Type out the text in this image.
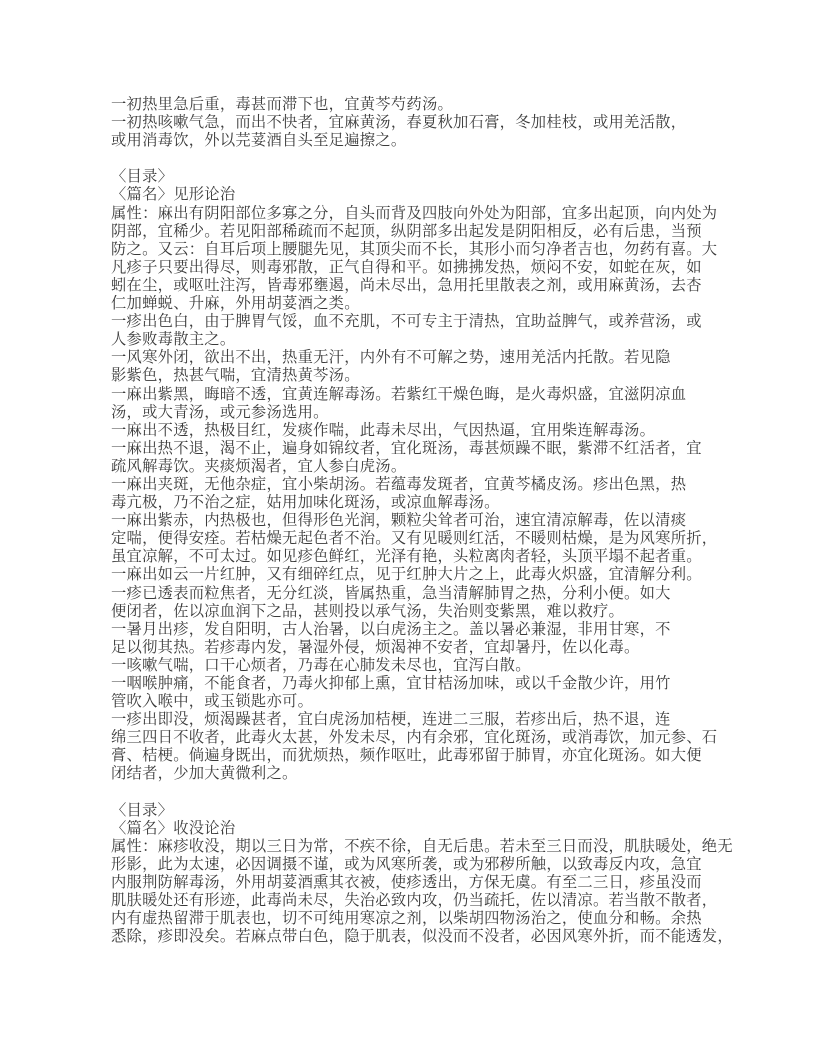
一初热里急后重，毒甚而滞下也，宜黄芩芍药汤。
一初热咳嗽气急，而出不快者，宜麻黄汤，春夏秋加石膏，冬加桂枝，或用羌活散，
或用消毒饮，外以芫荽酒自头至足遍擦之。

〈目录〉
〈篇名〉见形论治
属性：麻出有阴阳部位多寡之分，自头而背及四肢向外处为阳部，宜多出起顶，向内处为
阴部，宜稀少。若见阳部稀疏而不起顶，纵阴部多出起发是阴阳相反，必有后患，当预
防之。又云：自耳后项上腰腿先见，其顶尖而不长，其形小而匀净者吉也，勿药有喜。大
凡疹子只要出得尽，则毒邪散，正气自得和平。如拂拂发热，烦闷不安，如蛇在灰，如
蚓在尘，或呕吐注泻，皆毒邪壅遏，尚未尽出，急用托里散表之剂，或用麻黄汤，去杏
仁加蝉蜕、升麻，外用胡荽酒之类。
一疹出色白，由于脾胃气馁，血不充肌，不可专主于清热，宜助益脾气，或养营汤，或
人参败毒散主之。
一风寒外闭，欲出不出，热重无汗，内外有不可解之势，速用羌活内托散。若见隐
影紫色，热甚气喘，宜清热黄芩汤。
一麻出紫黑，晦暗不透，宜黄连解毒汤。若紫红干燥色晦，是火毒炽盛，宜滋阴凉血
汤，或大青汤，或元参汤选用。
一麻出不透，热极目红，发痰作喘，此毒未尽出，气因热逼，宜用柴连解毒汤。
一麻出热不退，渴不止，遍身如锦纹者，宜化斑汤，毒甚烦躁不眠，紫滞不红活者，宜
疏风解毒饮。夹痰烦渴者，宜人参白虎汤。
一麻出夹斑，无他杂症，宜小柴胡汤。若蕴毒发斑者，宜黄芩橘皮汤。疹出色黑，热
毒亢极，乃不治之症，姑用加味化斑汤，或凉血解毒汤。
一麻出紫赤，内热极也，但得形色光润，颗粒尖耸者可治，速宜清凉解毒，佐以清痰
定喘，便得安痊。若枯燥无起色者不治。又有见暖则红活，不暖则枯燥，是为风寒所折，
虽宜凉解，不可太过。如见疹色鲜红，光泽有艳，头粒离肉者轻，头顶平塌不起者重。
一麻出如云一片红肿，又有细碎红点，见于红肿大片之上，此毒火炽盛，宜清解分利。
一疹已透表而粒焦者，无分红淡，皆属热重，急当清解肺胃之热，分利小便。如大
便闭者，佐以凉血润下之品，甚则投以承气汤，失治则变紫黑，难以救疗。
一暑月出疹，发自阳明，古人治暑，以白虎汤主之。盖以暑必兼湿，非用甘寒，不
足以彻其热。若疹毒内发，暑湿外侵，烦渴神不安者，宜却暑丹，佐以化毒。
一咳嗽气喘，口干心烦者，乃毒在心肺发未尽也，宜泻白散。
一咽喉肿痛，不能食者，乃毒火抑郁上熏，宜甘桔汤加味，或以千金散少许，用竹
管吹入喉中，或玉锁匙亦可。
一疹出即没，烦渴躁甚者，宜白虎汤加桔梗，连进二三服，若疹出后，热不退，连
绵三四日不收者，此毒火太甚，外发未尽，内有余邪，宜化斑汤，或消毒饮，加元参、石
膏、桔梗。倘遍身既出，而犹烦热，频作呕吐，此毒邪留于肺胃，亦宜化斑汤。如大便
闭结者，少加大黄微利之。

〈目录〉
〈篇名〉收没论治
属性：麻疹收没，期以三日为常，不疾不徐，自无后患。若未至三日而没，肌肤暖处，绝无
形影，此为太速，必因调摄不谨，或为风寒所袭，或为邪秽所触，以致毒反内攻，急宜
内服荆防解毒汤，外用胡荽酒熏其衣被，使疹透出，方保无虞。有至二三日，疹虽没而
肌肤暖处还有形迹，此毒尚未尽，失治必致内攻，仍当疏托，佐以清凉。若当散不散者，
内有虚热留滞于肌表也，切不可纯用寒凉之剂，以柴胡四物汤治之，使血分和畅。余热
悉除，疹即没矣。若麻点带白色，隐于肌表，似没而不没者，必因风寒外折，而不能透发，
